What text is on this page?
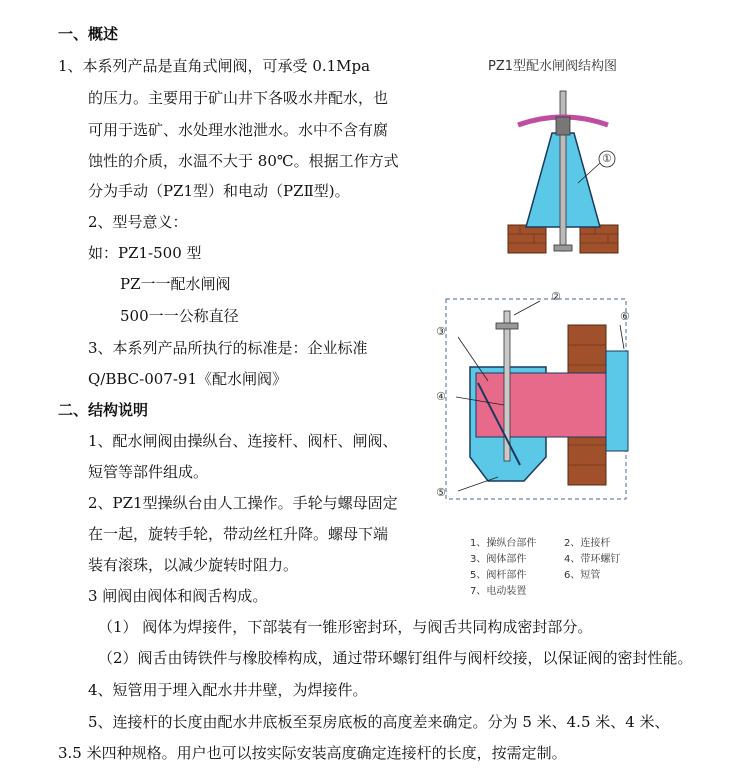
一、概述
1、本系列产品是直角式闸阀，可承受 0.1Mpa
的压力。主要用于矿山井下各吸水井配水，也
可用于选矿、水处理水池泄水。水中不含有腐
蚀性的介质，水温不大于 80℃。根据工作方式
分为手动（PZ1型）和电动（PZⅡ型)。
2、型号意义：
如：PZ1-500 型
PZ一一配水闸阀
500一一公称直径
3、本系列产品所执行的标准是：企业标准
Q/BBC-007-91《配水闸阀》
二、结构说明
1、配水闸阀由操纵台、连接杆、阀杆、闸阀、
短管等部件组成。
2、PZ1型操纵台由人工操作。手轮与螺母固定
在一起，旋转手轮，带动丝杠升降。螺母下端
装有滚珠，以减少旋转时阻力。
3 闸阀由阀体和阀舌构成。
（1） 阀体为焊接件，下部装有一锥形密封环，与阀舌共同构成密封部分。
（2）阀舌由铸铁件与橡胶棒构成，通过带环螺钉组件与阀杆绞接，以保证阀的密封性能。
4、短管用于埋入配水井井壁，为焊接件。
5、连接杆的长度由配水井底板至泵房底板的高度差来确定。分为 5 米、4.5 米、4 米、
3.5 米四种规格。用户也可以按实际安装高度确定连接杆的长度，按需定制。
PZ1型配水闸阀结构图
①
②
③
④
⑤
⑥
1、操纵台部件	2、连接杆
3、阀体部件	4、带环螺钉
5、阀杆部件	6、短管
7、电动装置
